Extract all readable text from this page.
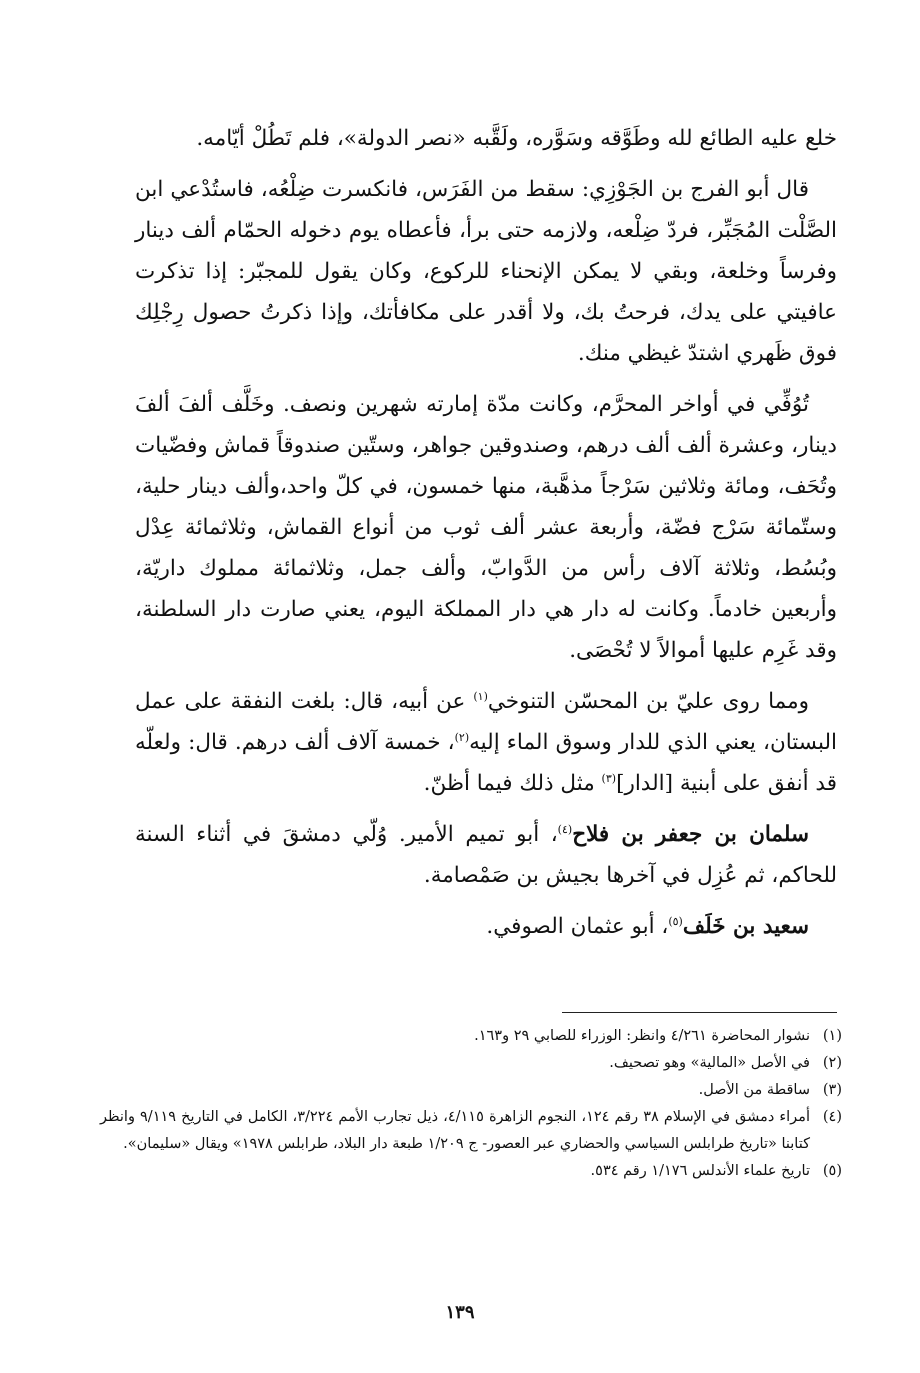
خلع عليه الطائع لله وطَوَّقه وسَوَّره، ولَقَّبه «نصر الدولة»، فلم تَطُلْ أيّامه.

قال أبو الفرج بن الجَوْزِي: سقط من الفَرَس، فانكسرت ضِلْعُه، فاستُدْعي ابن الصَّلْت المُجَبِّر، فردّ ضِلْعه، ولازمه حتى برأ، فأعطاه يوم دخوله الحمّام ألف دينار وفرساً وخلعة، وبقي لا يمكن الإنحناء للركوع، وكان يقول للمجبّر: إذا تذكرت عافيتي على يدك، فرحتُ بك، ولا أقدر على مكافأتك، وإذا ذكرتُ حصول رِجْلِك فوق ظَهري اشتدّ غيظي منك.

تُوُفِّي في أواخر المحرَّم، وكانت مدّة إمارته شهرين ونصف. وخَلَّف ألفَ ألفَ دينار، وعشرة ألف ألف درهم، وصندوقين جواهر، وستّين صندوقاً قماش وفضّيات وتُحَف، ومائة وثلاثين سَرْجاً مذهَّبة، منها خمسون، في كلّ واحد،وألف دينار حلية، وستّمائة سَرْج فضّة، وأربعة عشر ألف ثوب من أنواع القماش، وثلاثمائة عِدْل وبُسُط، وثلاثة آلاف رأس من الدَّوابّ، وألف جمل، وثلاثمائة مملوك داريّة، وأربعين خادماً. وكانت له دار هي دار المملكة اليوم، يعني صارت دار السلطنة، وقد غَرِم عليها أموالاً لا تُحْصَى.

ومما روى عليّ بن المحسّن التنوخي$^{(١)}$ عن أبيه، قال: بلغت النفقة على عمل البستان، يعني الذي للدار وسوق الماء إليه$^{(٢)}$، خمسة آلاف ألف درهم. قال: ولعلّه قد أنفق على أبنية [الدار]$^{(٣)}$ مثل ذلك فيما أظنّ.

سلمان بن جعفر بن فلاح$^{(٤)}$، أبو تميم الأمير. وُلّي دمشقَ في أثناء السنة للحاكم، ثم عُزِل في آخرها بجيش بن صَمْصامة.

سعيد بن خَلَف$^{(٥)}$، أبو عثمان الصوفي.

(١)
نشوار المحاضرة ٤/٢٦١ وانظر: الوزراء للصابي ٢٩ و١٦٣.
(٢)
في الأصل «المالية» وهو تصحيف.
(٣)
ساقطة من الأصل.
(٤)
أمراء دمشق في الإسلام ٣٨ رقم ١٢٤، النجوم الزاهرة ٤/١١٥، ذيل تجارب الأمم ٣/٢٢٤، الكامل في التاريخ ٩/١١٩ وانظر كتابنا «تاريخ طرابلس السياسي والحضاري عبر العصور- ج ١/٢٠٩ طبعة دار البلاد، طرابلس ١٩٧٨» ويقال «سليمان».
(٥)
تاريخ علماء الأندلس ١/١٧٦ رقم ٥٣٤.
١٣٩
